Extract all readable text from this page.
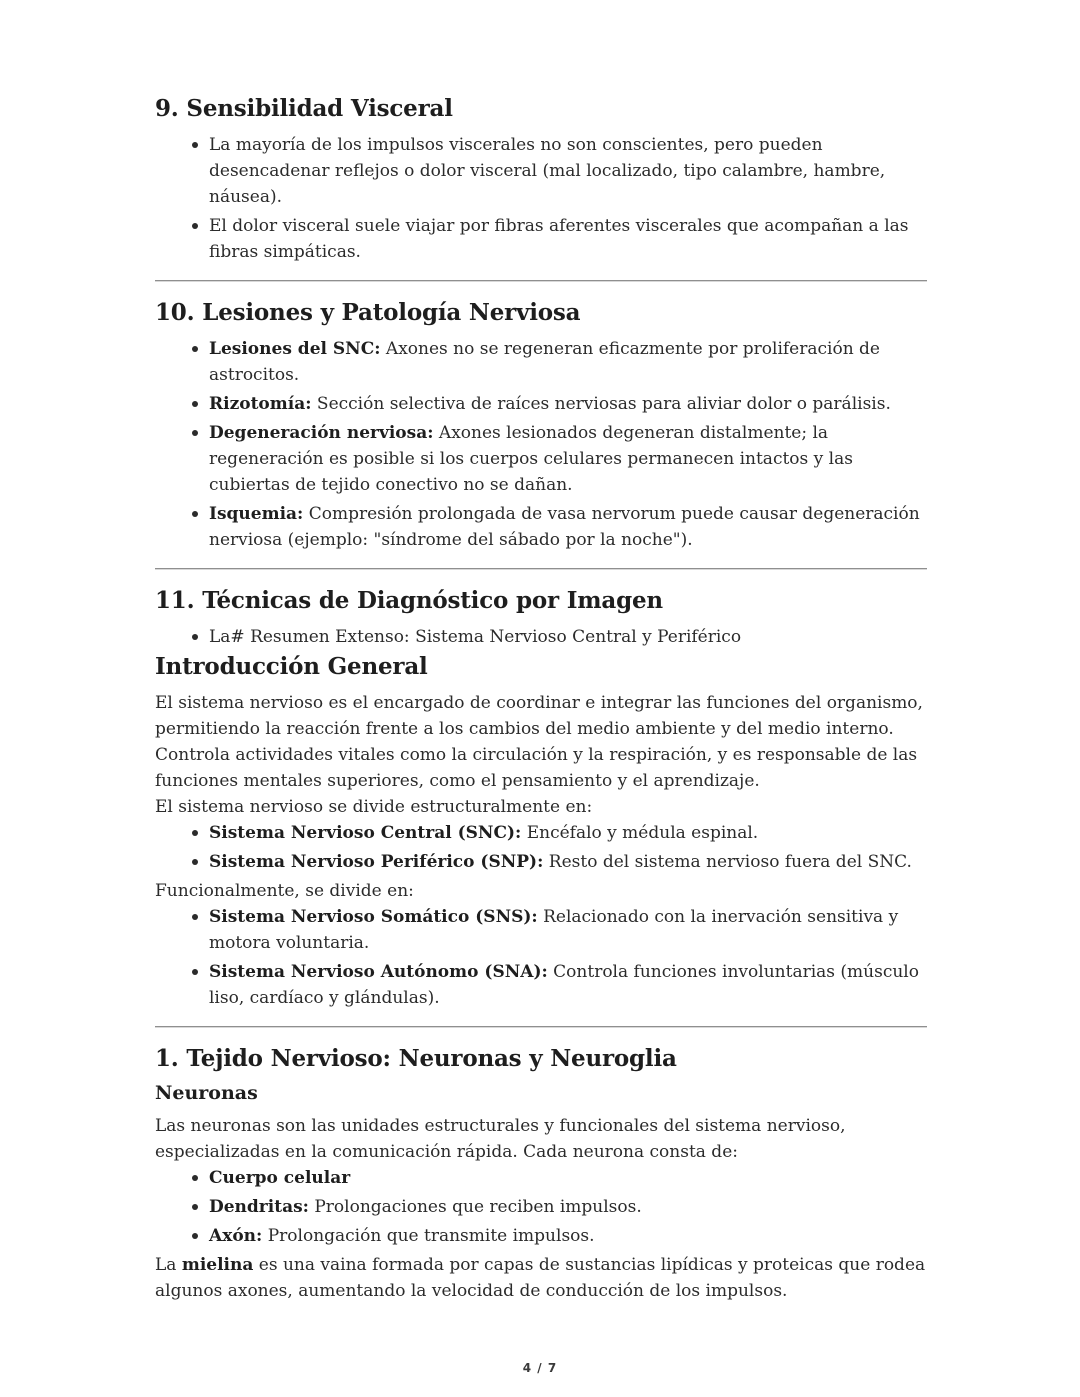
9. Sensibilidad Visceral
La mayoría de los impulsos viscerales no son conscientes, pero pueden desencadenar reflejos o dolor visceral (mal localizado, tipo calambre, hambre, náusea).
El dolor visceral suele viajar por fibras aferentes viscerales que acompañan a las fibras simpáticas.
10. Lesiones y Patología Nerviosa
Lesiones del SNC: Axones no se regeneran eficazmente por proliferación de astrocitos.
Rizotomía: Sección selectiva de raíces nerviosas para aliviar dolor o parálisis.
Degeneración nerviosa: Axones lesionados degeneran distalmente; la regeneración es posible si los cuerpos celulares permanecen intactos y las cubiertas de tejido conectivo no se dañan.
Isquemia: Compresión prolongada de vasa nervorum puede causar degeneración nerviosa (ejemplo: "síndrome del sábado por la noche").
11. Técnicas de Diagnóstico por Imagen
La# Resumen Extenso: Sistema Nervioso Central y Periférico
Introducción General

El sistema nervioso es el encargado de coordinar e integrar las funciones del organismo, permitiendo la reacción frente a los cambios del medio ambiente y del medio interno. Controla actividades vitales como la circulación y la respiración, y es responsable de las funciones mentales superiores, como el pensamiento y el aprendizaje.

El sistema nervioso se divide estructuralmente en:

Sistema Nervioso Central (SNC): Encéfalo y médula espinal.
Sistema Nervioso Periférico (SNP): Resto del sistema nervioso fuera del SNC.

Funcionalmente, se divide en:

Sistema Nervioso Somático (SNS): Relacionado con la inervación sensitiva y motora voluntaria.
Sistema Nervioso Autónomo (SNA): Controla funciones involuntarias (músculo liso, cardíaco y glándulas).
1. Tejido Nervioso: Neuronas y Neuroglia
Neuronas

Las neuronas son las unidades estructurales y funcionales del sistema nervioso, especializadas en la comunicación rápida. Cada neurona consta de:

Cuerpo celular
Dendritas: Prolongaciones que reciben impulsos.
Axón: Prolongación que transmite impulsos.

La mielina es una vaina formada por capas de sustancias lipídicas y proteicas que rodea algunos axones, aumentando la velocidad de conducción de los impulsos.

4 / 7
